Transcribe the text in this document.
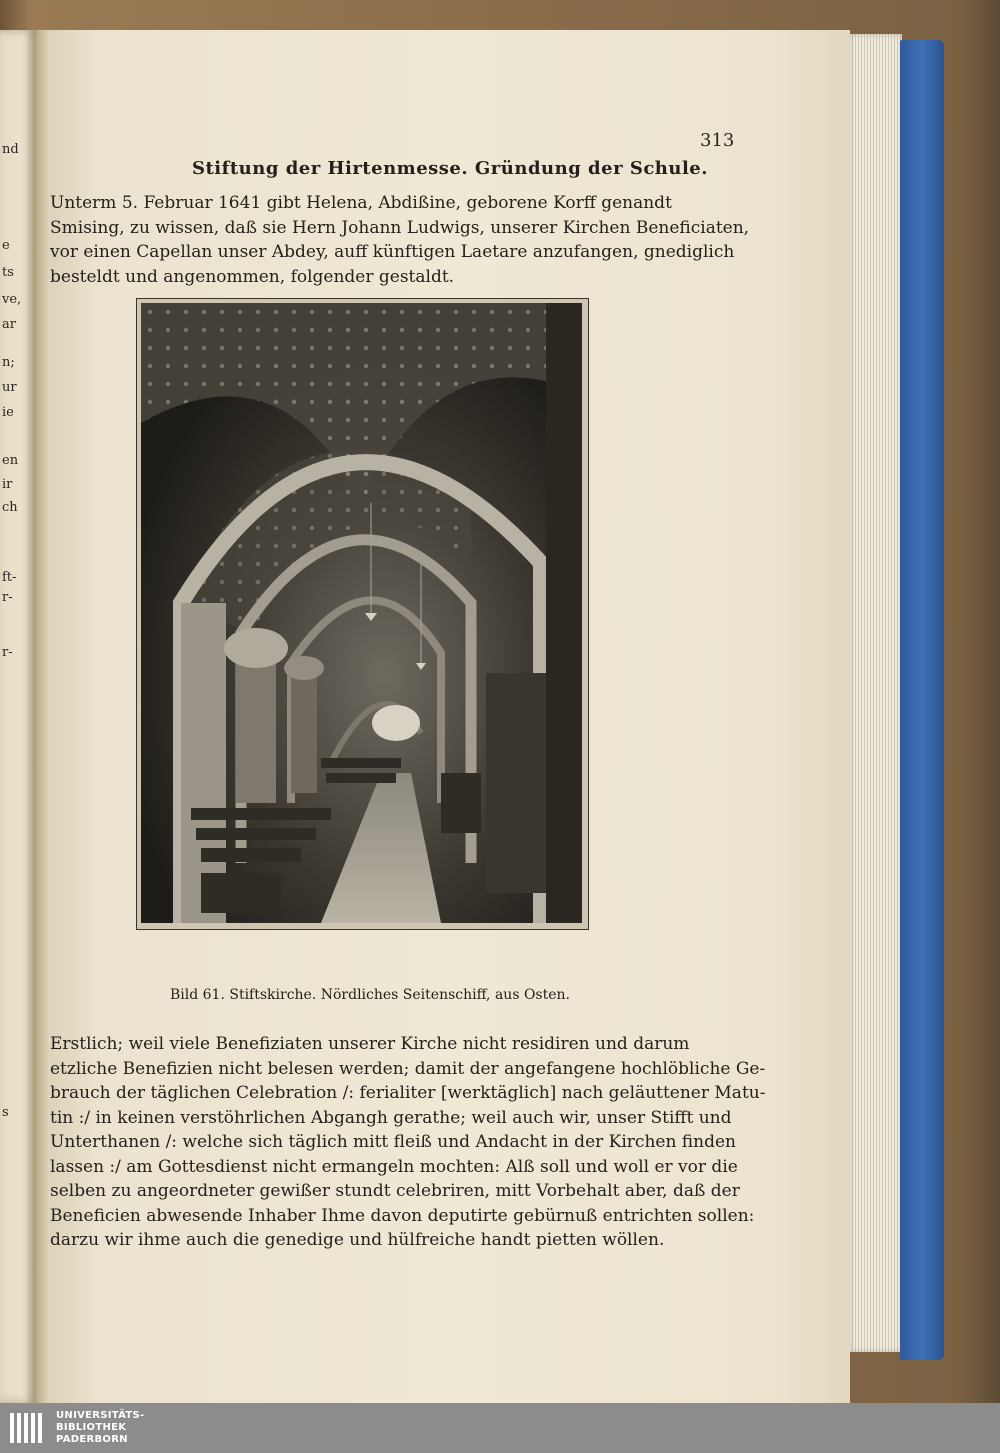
nd
e
ts
ve,
ar
n;
ur
ie
en
ir
ch
ft-
r-
r-
s
313
Stiftung der Hirtenmesse. Gründung der Schule.
Unterm 5. Februar 1641 gibt Helena, Abdißine, geborene Korff genandt
Smising, zu wissen, daß sie Hern Johann Ludwigs, unserer Kirchen Beneficiaten,
vor einen Capellan unser Abdey, auff künftigen Laetare anzufangen, gnediglich
besteldt und angenommen, folgender gestaldt.
Bild 61. Stiftskirche. Nördliches Seitenschiff, aus Osten.
Erstlich; weil viele Benefiziaten unserer Kirche nicht residiren und darum
etzliche Benefizien nicht belesen werden; damit der angefangene hochlöbliche Ge-
brauch der täglichen Celebration /: ferialiter [werktäglich] nach geläuttener Matu-
tin :/ in keinen verstöhrlichen Abgangh gerathe; weil auch wir, unser Stifft und
Unterthanen /: welche sich täglich mitt fleiß und Andacht in der Kirchen finden
lassen :/ am Gottesdienst nicht ermangeln mochten: Alß soll und woll er vor die
selben zu angeordneter gewißer stundt celebriren, mitt Vorbehalt aber, daß der
Beneficien abwesende Inhaber Ihme davon deputirte gebürnuß entrichten sollen:
darzu wir ihme auch die genedige und hülfreiche handt pietten wöllen.
UNIVERSITÄTS-
BIBLIOTHEK
PADERBORN
